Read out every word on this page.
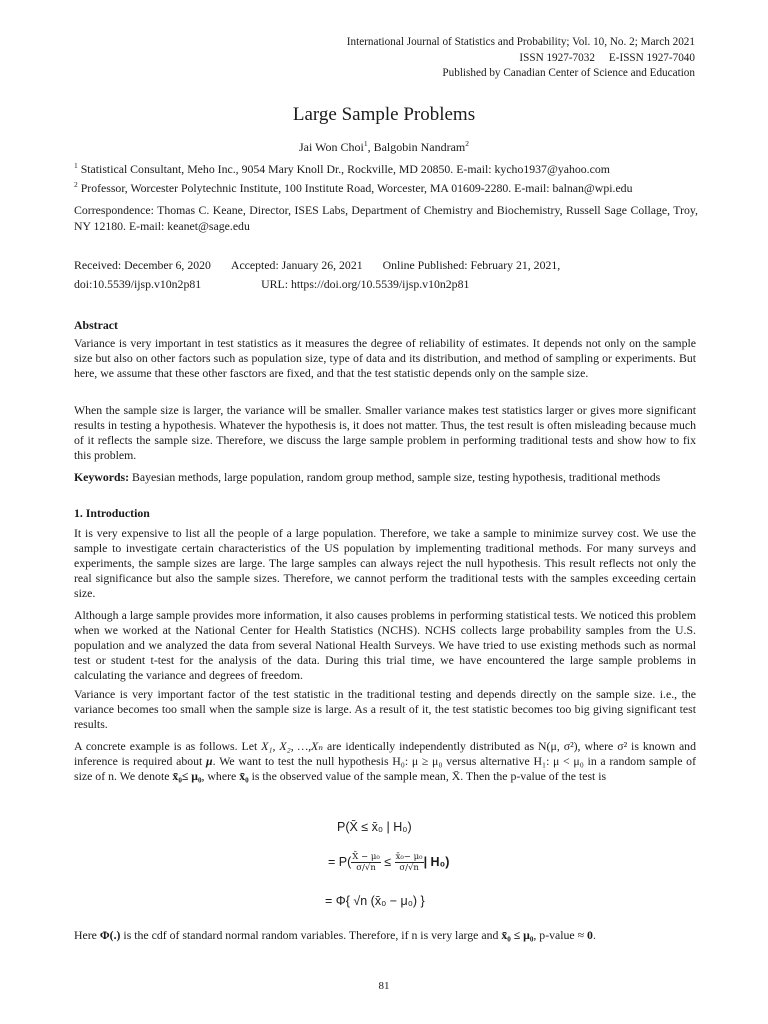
International Journal of Statistics and Probability; Vol. 10, No. 2; March 2021
ISSN 1927-7032     E-ISSN 1927-7040
Published by Canadian Center of Science and Education
Large Sample Problems
Jai Won Choi$^1$, Balgobin Nandram$^2$
$^1$ Statistical Consultant, Meho Inc., 9054 Mary Knoll Dr., Rockville, MD 20850. E-mail: kycho1937@yahoo.com
$^2$ Professor, Worcester Polytechnic Institute, 100 Institute Road, Worcester, MA 01609-2280. E-mail: balnan@wpi.edu
Correspondence: Thomas C. Keane, Director, ISES Labs, Department of Chemistry and Biochemistry, Russell Sage Collage, Troy, NY 12180. E-mail: keanet@sage.edu
Received: December 6, 2020 Accepted: January 26, 2021 Online Published: February 21, 2021,
doi:10.5539/ijsp.v10n2p81	URL: https://doi.org/10.5539/ijsp.v10n2p81
Abstract
Variance is very important in test statistics as it measures the degree of reliability of estimates. It depends not only on the sample size but also on other factors such as population size, type of data and its distribution, and method of sampling or experiments. But here, we assume that these other fasctors are fixed, and that the test statistic depends only on the sample size.
When the sample size is larger, the variance will be smaller. Smaller variance makes test statistics larger or gives more significant results in testing a hypothesis. Whatever the hypothesis is, it does not matter. Thus, the test result is often misleading because much of it reflects the sample size. Therefore, we discuss the large sample problem in performing traditional tests and show how to fix this problem.
Keywords: Bayesian methods, large population, random group method, sample size, testing hypothesis, traditional methods
1. Introduction
It is very expensive to list all the people of a large population. Therefore, we take a sample to minimize survey cost. We use the sample to investigate certain characteristics of the US population by implementing traditional methods. For many surveys and experiments, the sample sizes are large. The large samples can always reject the null hypothesis. This result reflects not only the real significance but also the sample sizes. Therefore, we cannot perform the traditional tests with the samples exceeding certain size.
Although a large sample provides more information, it also causes problems in performing statistical tests. We noticed this problem when we worked at the National Center for Health Statistics (NCHS). NCHS collects large probability samples from the U.S. population and we analyzed the data from several National Health Surveys. We have tried to use existing methods such as normal test or student t-test for the analysis of the data. During this trial time, we have encountered the large sample problems in calculating the variance and degrees of freedom.
Variance is very important factor of the test statistic in the traditional testing and depends directly on the sample size. i.e., the variance becomes too small when the sample size is large. As a result of it, the test statistic becomes too big giving significant test results.
A concrete example is as follows. Let X₁, X₂, …,Xₙ are identically independently distributed as N(μ, σ²), where σ² is known and inference is required about μ. We want to test the null hypothesis H₀: μ ≥ μ₀ versus alternative H₁: μ < μ₀ in a random sample of size of n. We denote x̄₀≤ μ₀, where x̄₀ is the observed value of the sample mean, X̄. Then the p-value of the test is
P(X̄ ≤ x̄₀ | H₀)
= $P( \frac{\text{X̄ − μ₀}}{\sigma/√n} \le \frac{\text{x̄₀− μ₀}}{\sigma/√n}$ | H₀)
= Φ{ √n (x̄₀ − μ₀) }
Here Φ(.) is the cdf of standard normal random variables. Therefore, if n is very large and x̄₀ ≤ μ₀, p-value ≈ 0.
81
